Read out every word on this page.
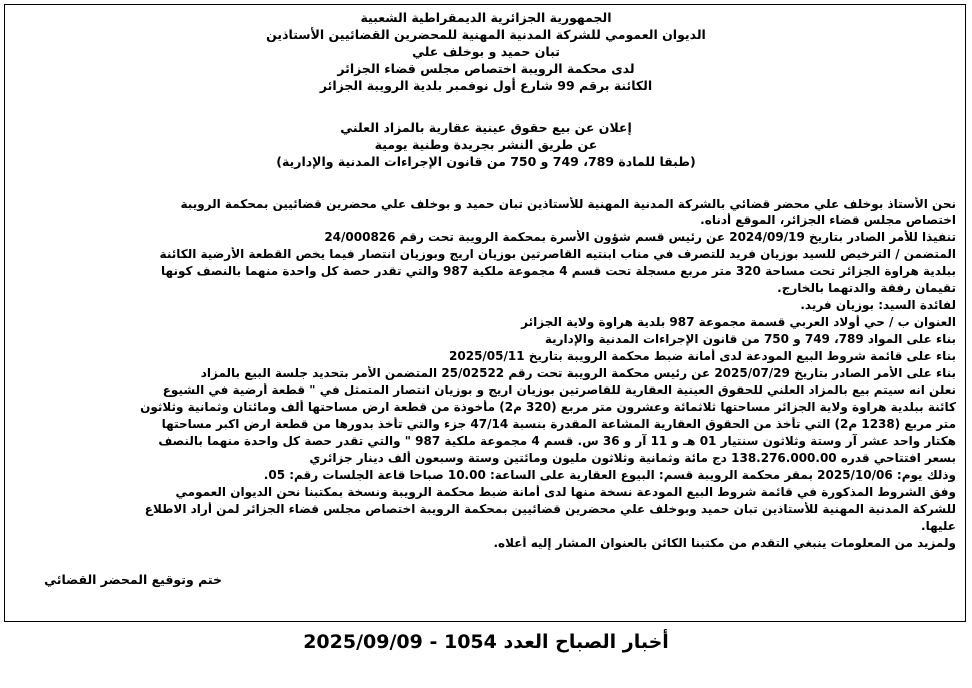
الجمهورية الجزائرية الديمقراطية الشعبية
الديوان العمومي للشركة المدنية المهنية للمحضرين القضائيين الأستاذين
تبان حميد و بوخلف علي
لدى محكمة الرويبة اختصاص مجلس قضاء الجزائر
الكائنة برقم 99 شارع أول نوفمبر بلدية الرويبة الجزائر
إعلان عن بيع حقوق عينية عقارية بالمزاد العلني
عن طريق النشر بجريدة وطنية يومية
(طبقا للمادة 789، 749 و 750 من قانون الإجراءات المدنية والإدارية)
نحن الأستاذ بوخلف علي محضر قضائي بالشركة المدنية المهنية للأستاذين تبان حميد و بوخلف علي محضرين قضائيين بمحكمة الرويبة
اختصاص مجلس قضاء الجزائر، الموقع أدناه.
تنفيذا للأمر الصادر بتاريخ 2024/09/19 عن رئيس قسم شؤون الأسرة بمحكمة الرويبة تحت رقم 24/000826
المتضمن / الترخيص للسيد بوزيان فريد للتصرف في مناب ابنتيه القاصرتين بوزيان اريج وبوزيان انتصار فيما يخص القطعة الأرضية الكائنة
ببلدية هراوة الجزائر تحت مساحة 320 متر مربع مسجلة تحت قسم 4 مجموعة ملكية 987 والتي تقدر حصة كل واحدة منهما بالنصف كونها
تقيمان رفقة والدتهما بالخارج.
لفائدة السيد: بوزيان فريد.
العنوان ب / حي أولاد العربي قسمة مجموعة 987 بلدية هراوة ولاية الجزائر
بناء على المواد 789، 749 و 750 من قانون الإجراءات المدنية والإدارية
بناء على قائمة شروط البيع المودعة لدى أمانة ضبط محكمة الرويبة بتاريخ 2025/05/11
بناء على الأمر الصادر بتاريخ 2025/07/29 عن رئيس محكمة الرويبة تحت رقم 25/02522 المتضمن الأمر بتحديد جلسة البيع بالمزاد
نعلن انه سيتم بيع بالمزاد العلني للحقوق العينية العقارية للقاصرتين بوزيان اريج و بوزيان انتصار المتمثل في " قطعة أرضية في الشيوع
كائنة ببلدية هراوة ولاية الجزائر مساحتها ثلاثمائة وعشرون متر مربع (320 م2) مأخوذة من قطعة ارض مساحتها ألف ومائتان وثمانية وثلاثون
متر مربع (1238 م2) التي تأخذ من الحقوق العقارية المشاعة المقدرة بنسبة 47/14 جزء والتي تأخذ بدورها من قطعة ارض اكبر مساحتها
هكتار واحد عشر آر وستة وثلاثون سنتيار 01 هـ و 11 آر و 36 س. قسم 4 مجموعة ملكية 987 " والتي تقدر حصة كل واحدة منهما بالنصف
بسعر افتتاحي قدره 138.276.000.00 دج مائة وثمانية وثلاثون مليون ومائتين وستة وسبعون ألف دينار جزائري
وذلك يوم: 2025/10/06 بمقر محكمة الرويبة قسم: البيوع العقارية على الساعة: 10.00 صباحا قاعة الجلسات رقم: 05.
وفق الشروط المذكورة في قائمة شروط البيع المودعة نسخة منها لدى أمانة ضبط محكمة الرويبة ونسخة بمكتبنا نحن الديوان العمومي
للشركة المدنية المهنية للأستاذين تبان حميد وبوخلف علي محضرين قضائيين بمحكمة الرويبة اختصاص مجلس قضاء الجزائر لمن أراد الاطلاع
عليها.
ولمزيد من المعلومات ينبغي التقدم من مكتبنا الكائن بالعنوان المشار إليه أعلاه.
ختم وتوقيع المحضر القضائي
أخبار الصباح العدد 1054 - 2025/09/09
